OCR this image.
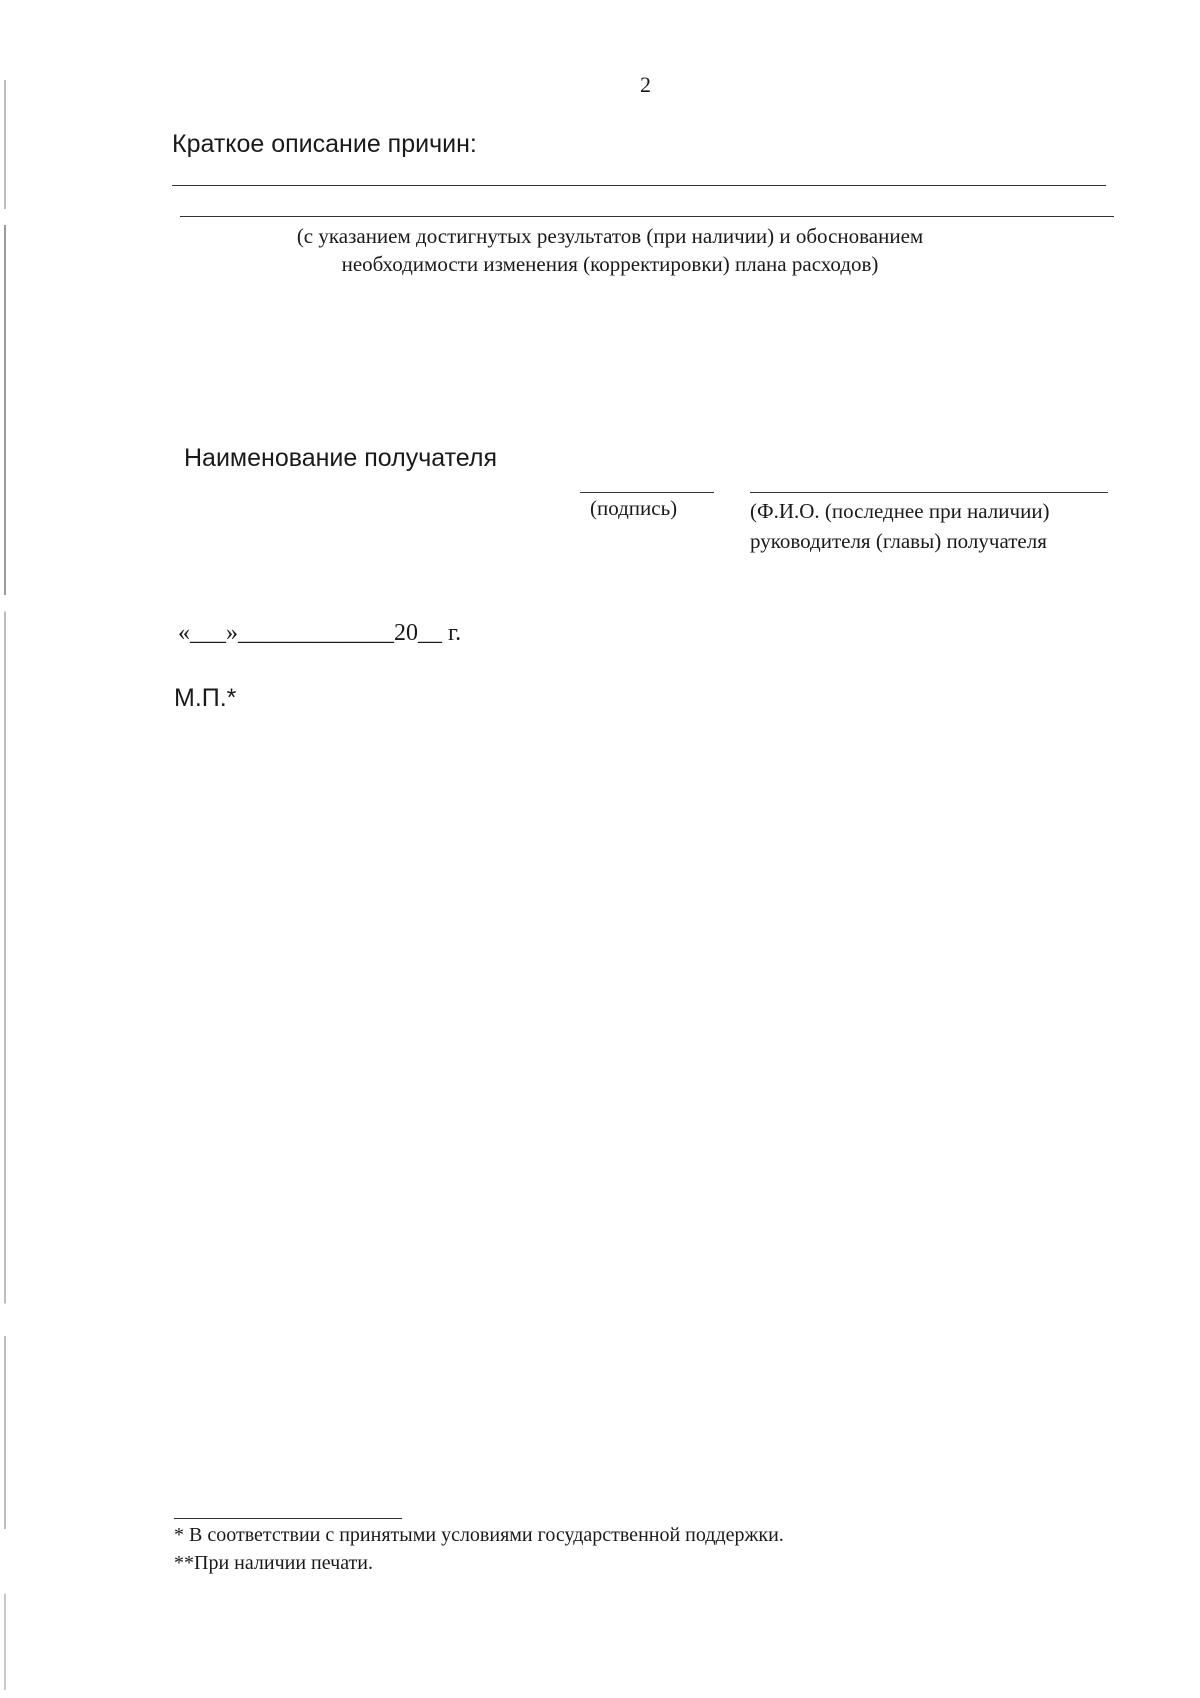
2
Краткое описание причин:
(с указанием достигнутых результатов (при наличии) и обоснованием
необходимости изменения (корректировки) плана расходов)
Наименование получателя
(подпись)	(Ф.И.О. (последнее при наличии)
руководителя (главы) получателя
«___»_____________20__ г.
М.П.*
* В соответствии с принятыми условиями государственной поддержки.
**При наличии печати.
